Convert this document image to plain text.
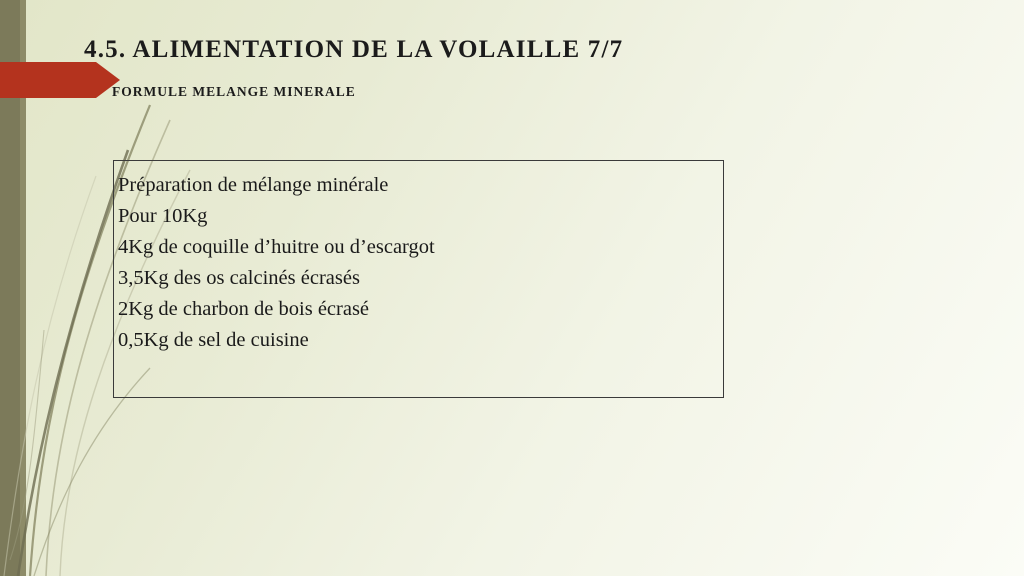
4.5. ALIMENTATION DE LA VOLAILLE 7/7
FORMULE MELANGE MINERALE
Préparation de mélange minérale
Pour 10Kg
4Kg de coquille d’huitre ou d’escargot
3,5Kg des os calcinés écrasés
2Kg de charbon de bois écrasé
0,5Kg de sel de cuisine
